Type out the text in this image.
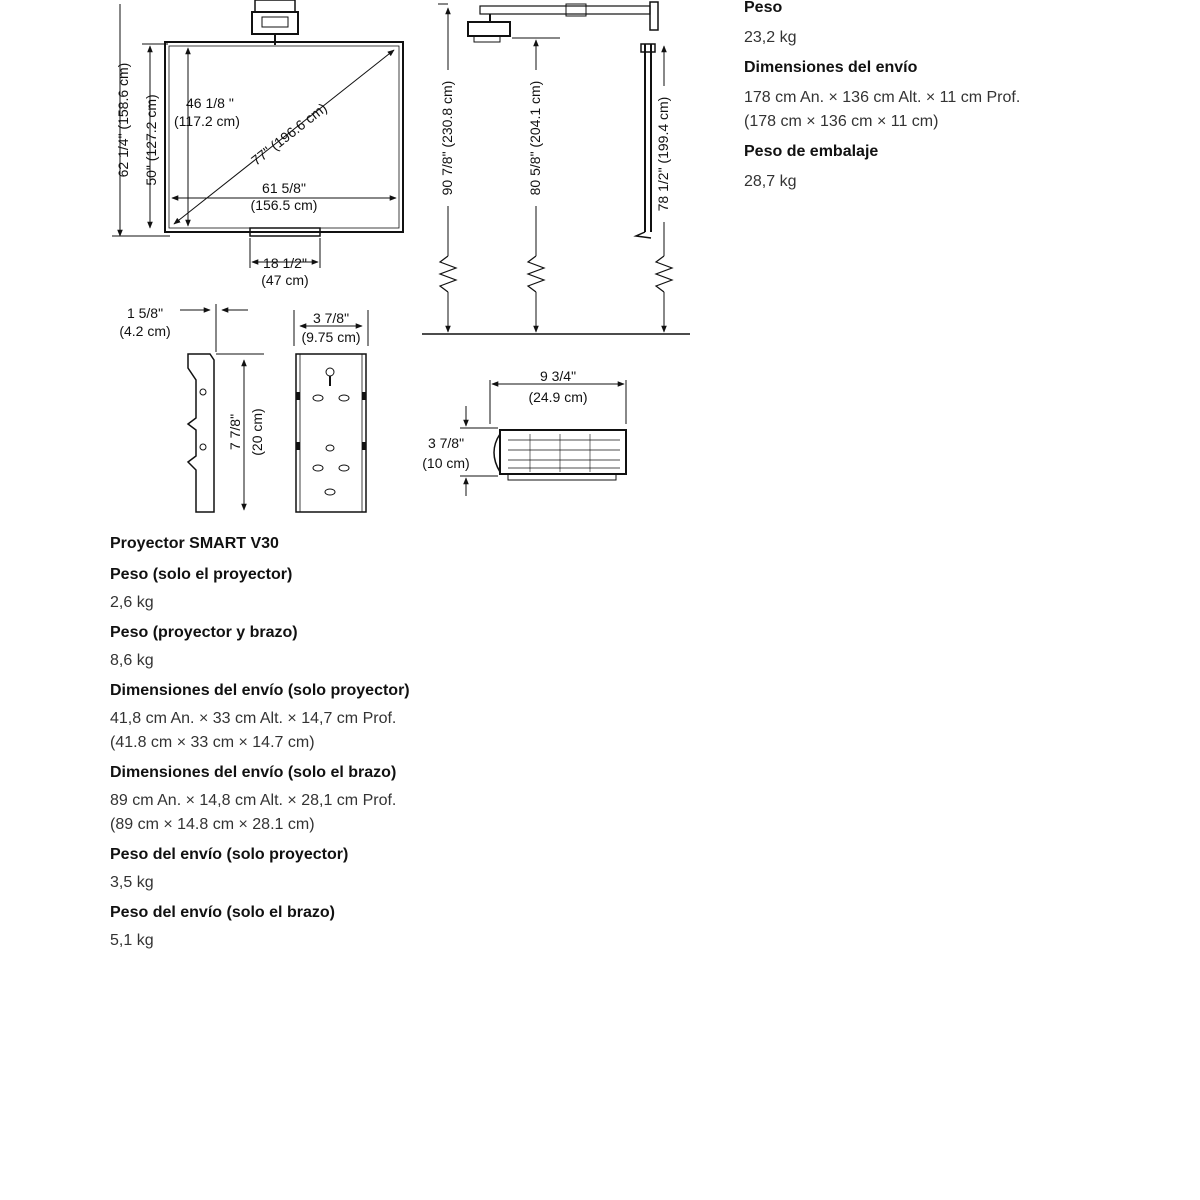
62 1/4" (158.6 cm) 50" (127.2 cm) 46 1/8 "
(117.2 cm) 77" (196.6 cm)
61 5/8"
(156.5 cm)
18 1/2"
(47 cm)
90 7/8" (230.8 cm)	80 5/8" (204.1 cm)	78 1/2" (199.4 cm)
1 5/8"
(4.2 cm)
3 7/8"
(9.75 cm)
7 7/8" (20 cm)
9 3/4"
(24.9 cm)
3 7/8"
(10 cm)
Peso
23,2 kg
Dimensiones del envío
178 cm An. × 136 cm Alt. × 11 cm Prof.
(178 cm × 136 cm × 11 cm)
Peso de embalaje
28,7 kg
Proyector SMART V30
Peso (solo el proyector)
2,6 kg
Peso (proyector y brazo)
8,6 kg
Dimensiones del envío (solo proyector)
41,8 cm An. × 33 cm Alt. × 14,7 cm Prof.
(41.8 cm × 33 cm × 14.7 cm)
Dimensiones del envío (solo el brazo)
89 cm An. × 14,8 cm Alt. × 28,1 cm Prof.
(89 cm × 14.8 cm × 28.1 cm)
Peso del envío (solo proyector)
3,5 kg
Peso del envío (solo el brazo)
5,1 kg
